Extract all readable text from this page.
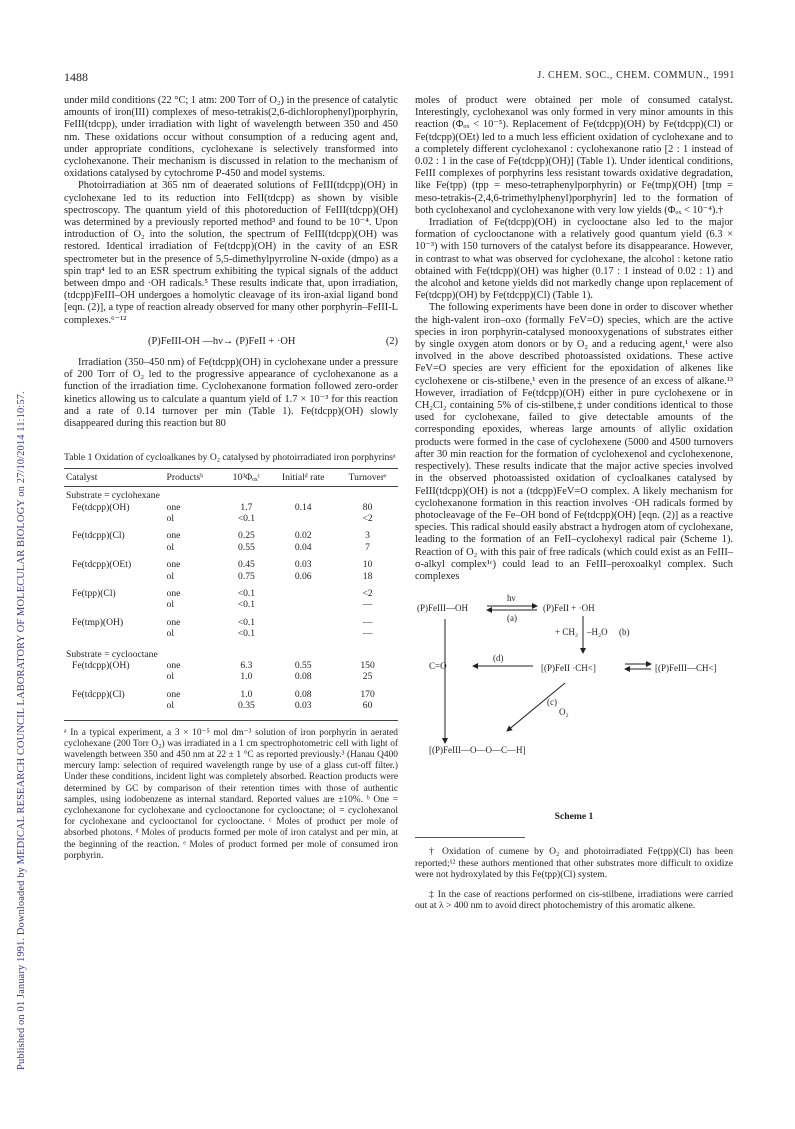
Published on 01 January 1991. Downloaded by MEDICAL RESEARCH COUNCIL LABORATORY OF MOLECULAR BIOLOGY on 27/10/2014 11:10:57.
1488	J. CHEM. SOC., CHEM. COMMUN., 1991

under mild conditions (22 °C; 1 atm: 200 Torr of O₂) in the presence of catalytic amounts of iron(III) complexes of meso-tetrakis(2,6-dichlorophenyl)porphyrin, FeIII(tdcpp), under irradiation with light of wavelength between 350 and 450 nm. These oxidations occur without consumption of a reducing agent and, under appropriate conditions, cyclohexane is selectively transformed into cyclohexanone. Their mechanism is discussed in relation to the mechanism of oxidations catalysed by cytochrome P-450 and model systems.

Photoirradiation at 365 nm of deaerated solutions of FeIII(tdcpp)(OH) in cyclohexane led to its reduction into FeII(tdcpp) as shown by visible spectroscopy. The quantum yield of this photoreduction of FeIII(tdcpp)(OH) was determined by a previously reported method³ and found to be 10⁻⁴. Upon introduction of O₂ into the solution, the spectrum of FeIII(tdcpp)(OH) was restored. Identical irradiation of Fe(tdcpp)(OH) in the cavity of an ESR spectrometer but in the presence of 5,5-dimethylpyrroline N-oxide (dmpo) as a spin trap⁴ led to an ESR spectrum exhibiting the typical signals of the adduct between dmpo and ·OH radicals.⁵ These results indicate that, upon irradiation, (tdcpp)FeIII–OH undergoes a homolytic cleavage of its iron-axial ligand bond [eqn. (2)], a type of reaction already observed for many other porphyrin–FeIII-L complexes.⁶⁻¹²

(P)FeIII-OH —hν→ (P)FeII + ·OH	(2)

Irradiation (350–450 nm) of Fe(tdcpp)(OH) in cyclohexane under a pressure of 200 Torr of O₂ led to the progressive appearance of cyclohexanone as a function of the irradiation time. Cyclohexanone formation followed zero-order kinetics allowing us to calculate a quantum yield of 1.7 × 10⁻³ for this reaction and a rate of 0.14 turnover per min (Table 1). Fe(tdcpp)(OH) slowly disappeared during this reaction but 80

Table 1 Oxidation of cycloalkanes by O₂ catalysed by photoirradiated iron porphyrinsᵃ
Catalyst	Productsᵇ	10³Φₒₓᶜ	Initialᵈ rate	Turnoverᵉ
Substrate = cyclohexane				
Fe(tdcpp)(OH)	one	1.7	0.14	80
	ol	<0.1		<2

Fe(tdcpp)(Cl)	one	0.25	0.02	3
	ol	0.55	0.04	7

Fe(tdcpp)(OEt)	one	0.45	0.03	10
	ol	0.75	0.06	18

Fe(tpp)(Cl)	one	<0.1		<2
	ol	<0.1		—

Fe(tmp)(OH)	one	<0.1		—
	ol	<0.1		—

Substrate = cyclooctane				
Fe(tdcpp)(OH)	one	6.3	0.55	150
	ol	1.0	0.08	25

Fe(tdcpp)(Cl)	one	1.0	0.08	170
	ol	0.35	0.03	60
ᵃ In a typical experiment, a 3 × 10⁻⁵ mol dm⁻³ solution of iron porphyrin in aerated cyclohexane (200 Torr O₂) was irradiated in a 1 cm spectrophotometric cell with light of wavelength between 350 and 450 nm at 22 ± 1 °C as reported previously.³ (Hanau Q400 mercury lamp: selection of required wavelength range by use of a glass cut-off filter.) Under these conditions, incident light was completely absorbed. Reaction products were determined by GC by comparison of their retention times with those of authentic samples, using iodobenzene as internal standard. Reported values are ±10%. ᵇ One = cyclohexanone for cyclohexane and cyclooctanone for cyclooctane; ol = cyclohexanol for cyclohexane and cyclooctanol for cyclooctane. ᶜ Moles of product per mole of absorbed photons. ᵈ Moles of products formed per mole of iron catalyst and per min, at the beginning of the reaction. ᵉ Moles of product formed per mole of consumed iron porphyrin.

moles of product were obtained per mole of consumed catalyst. Interestingly, cyclohexanol was only formed in very minor amounts in this reaction (Φₒₓ < 10⁻⁵). Replacement of Fe(tdcpp)(OH) by Fe(tdcpp)(Cl) or Fe(tdcpp)(OEt) led to a much less efficient oxidation of cyclohexane and to a completely different cyclohexanol : cyclohexanone ratio [2 : 1 instead of 0.02 : 1 in the case of Fe(tdcpp)(OH)] (Table 1). Under identical conditions, FeIII complexes of porphyrins less resistant towards oxidative degradation, like Fe(tpp) (tpp = meso-tetraphenylporphyrin) or Fe(tmp)(OH) [tmp = meso-tetrakis-(2,4,6-trimethylphenyl)porphyrin] led to the formation of both cyclohexanol and cyclohexanone with very low yields (Φₒₓ < 10⁻⁴).†

Irradiation of Fe(tdcpp)(OH) in cyclooctane also led to the major formation of cyclooctanone with a relatively good quantum yield (6.3 × 10⁻³) with 150 turnovers of the catalyst before its disappearance. However, in contrast to what was observed for cyclohexane, the alcohol : ketone ratio obtained with Fe(tdcpp)(OH) was higher (0.17 : 1 instead of 0.02 : 1) and the alcohol and ketone yields did not markedly change upon replacement of Fe(tdcpp)(OH) by Fe(tdcpp)(Cl) (Table 1).

The following experiments have been done in order to discover whether the high-valent iron–oxo (formally FeV=O) species, which are the active species in iron porphyrin-catalysed monooxygenations of substrates either by single oxygen atom donors or by O₂ and a reducing agent,¹ were also involved in the above described photoassisted oxidations. These active FeV=O species are very efficient for the epoxidation of alkenes like cyclohexene or cis-stilbene,¹ even in the presence of an excess of alkane.¹³ However, irradiation of Fe(tdcpp)(OH) either in pure cyclohexene or in CH₂Cl₂ containing 5% of cis-stilbene,‡ under conditions identical to those used for cyclohexane, failed to give detectable amounts of the corresponding epoxides, whereas large amounts of allylic oxidation products were formed in the case of cyclohexene (5000 and 4500 turnovers after 30 min reaction for the formation of cyclohexenol and cyclohexenone, respectively). These results indicate that the major active species involved in the observed photoassisted oxidation of cycloalkanes catalysed by FeIII(tdcpp)(OH) is not a (tdcpp)FeV=O complex. A likely mechanism for cyclohexanone formation in this reaction involves ·OH radicals formed by photocleavage of the Fe–OH bond of Fe(tdcpp)(OH) [eqn. (2)] as a reactive species. This radical should easily abstract a hydrogen atom of cyclohexane, leading to the formation of an FeII–cyclohexyl radical pair (Scheme 1). Reaction of O₂ with this pair of free radicals (which could exist as an FeIII–σ-alkyl complex¹ᶜ) could lead to an FeIII–peroxoalkyl complex. Such complexes

(P)FeIII—OH
hν
(a)
(P)FeII + ·OH
+ CH₂ –H₂O (b)
C=O
(d)
[(P)FeII ·CH<]	[(P)FeIII—CH<]
(c)
O₂
[(P)FeIII—O—O—C—H]
Scheme 1

† Oxidation of cumene by O₂ and photoirradiated Fe(tpp)(Cl) has been reported;¹² these authors mentioned that other substrates more difficult to oxidize were not hydroxylated by this Fe(tpp)(Cl) system.

‡ In the case of reactions performed on cis-stilbene, irradiations were carried out at λ > 400 nm to avoid direct photochemistry of this aromatic alkene.
